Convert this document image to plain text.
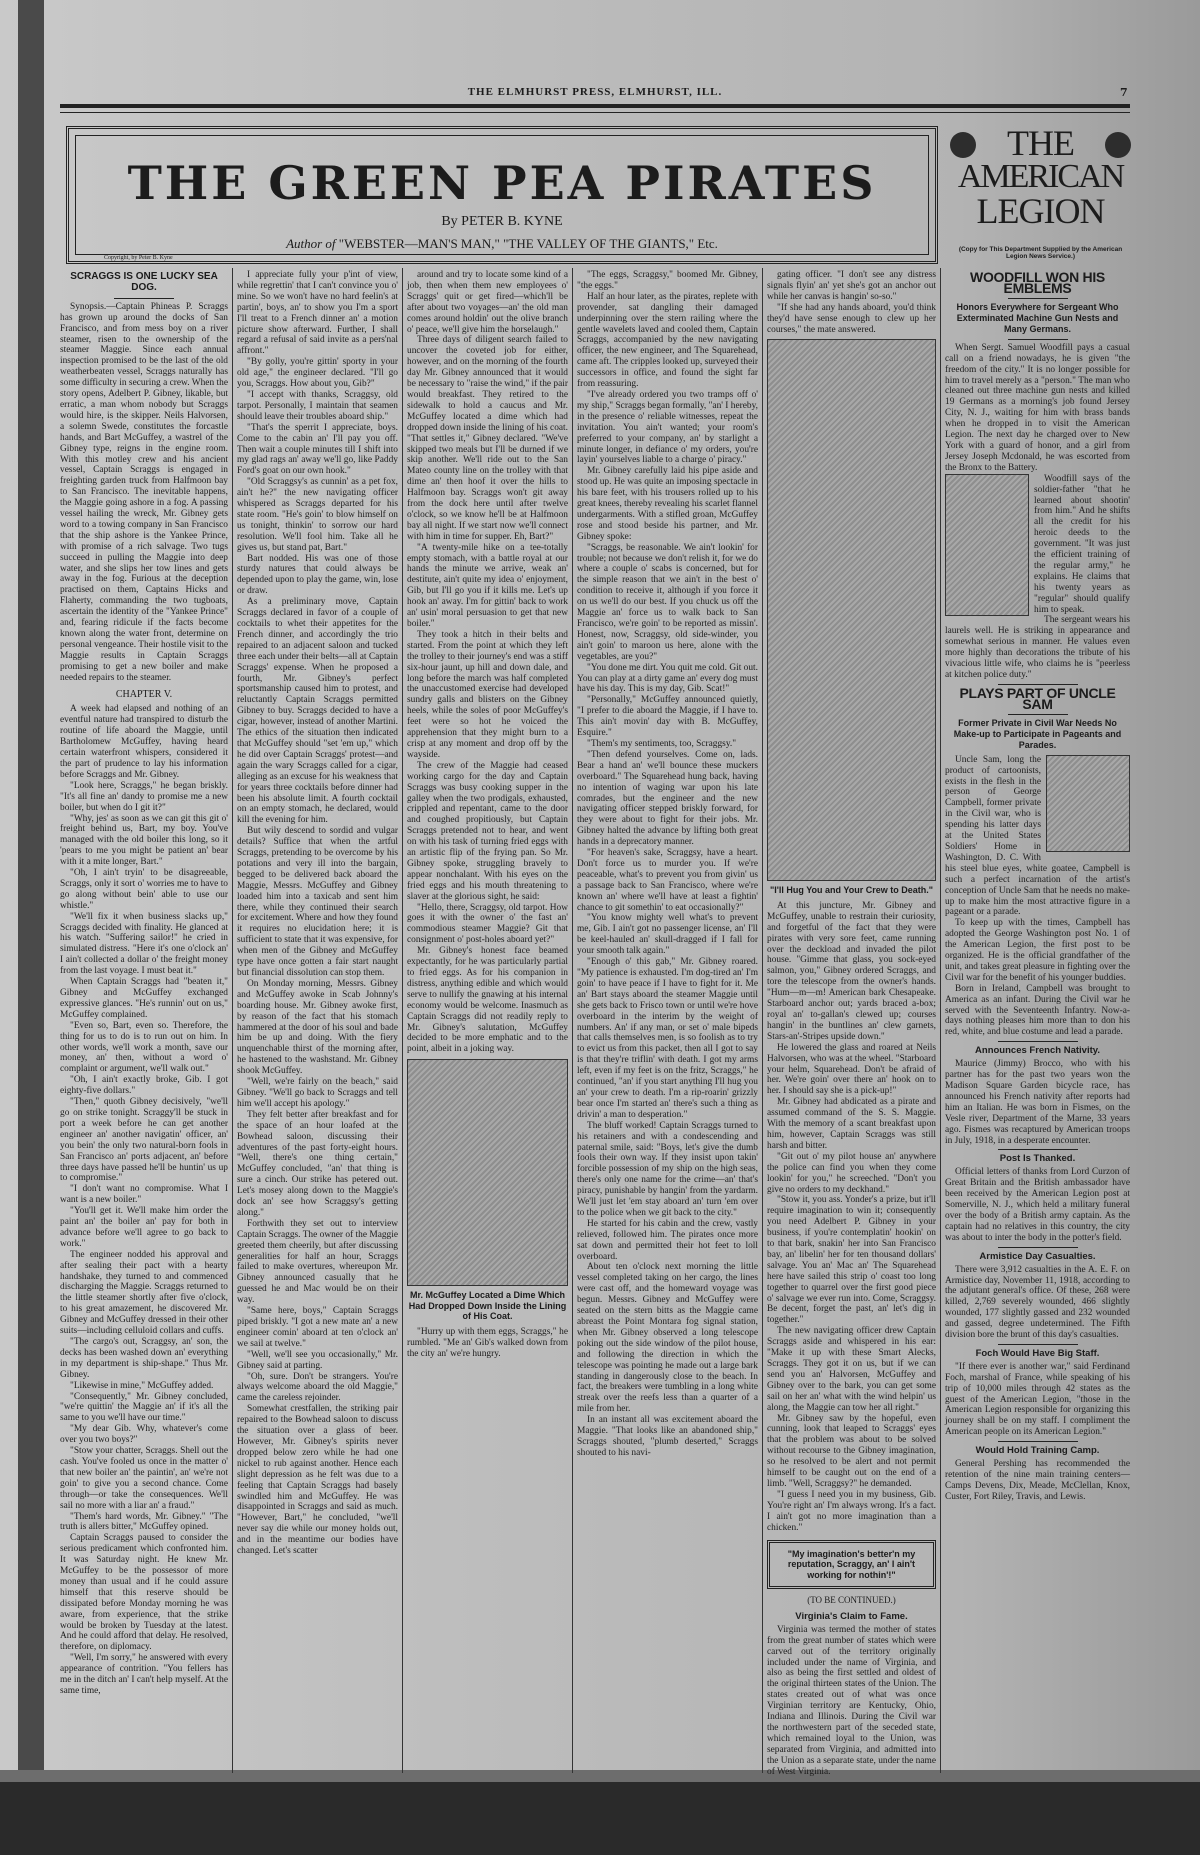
THE ELMHURST PRESS, ELMHURST, ILL.	7
THE GREEN PEA PIRATES
By PETER B. KYNE
Author of "WEBSTER—MAN'S MAN," "THE VALLEY OF THE GIANTS," Etc.
Copyright, by Peter B. Kyne
THE
AMERICAN
LEGION
(Copy for This Department Supplied by the American Legion News Service.)
SCRAGGS IS ONE LUCKY SEA DOG.

Synopsis.—Captain Phineas P. Scraggs has grown up around the docks of San Francisco, and from mess boy on a river steamer, risen to the ownership of the steamer Maggie. Since each annual inspection promised to be the last of the old weatherbeaten vessel, Scraggs naturally has some difficulty in securing a crew. When the story opens, Adelbert P. Gibney, likable, but erratic, a man whom nobody but Scraggs would hire, is the skipper. Neils Halvorsen, a solemn Swede, constitutes the forcastle hands, and Bart McGuffey, a wastrel of the Gibney type, reigns in the engine room. With this motley crew and his ancient vessel, Captain Scraggs is engaged in freighting garden truck from Halfmoon bay to San Francisco. The inevitable happens, the Maggie going ashore in a fog. A passing vessel hailing the wreck, Mr. Gibney gets word to a towing company in San Francisco that the ship ashore is the Yankee Prince, with promise of a rich salvage. Two tugs succeed in pulling the Maggie into deep water, and she slips her tow lines and gets away in the fog. Furious at the deception practised on them, Captains Hicks and Flaherty, commanding the two tugboats, ascertain the identity of the "Yankee Prince" and, fearing ridicule if the facts become known along the water front, determine on personal vengeance. Their hostile visit to the Maggie results in Captain Scraggs promising to get a new boiler and make needed repairs to the steamer.

CHAPTER V.

A week had elapsed and nothing of an eventful nature had transpired to disturb the routine of life aboard the Maggie, until Bartholomew McGuffey, having heard certain waterfront whispers, considered it the part of prudence to lay his information before Scraggs and Mr. Gibney.

"Look here, Scraggs," he began briskly. "It's all fine an' dandy to promise me a new boiler, but when do I git it?"

"Why, jes' as soon as we can git this git o' freight behind us, Bart, my boy. You've managed with the old boiler this long, so it 'pears to me you might be patient an' bear with it a mite longer, Bart."

"Oh, I ain't tryin' to be disagreeable, Scraggs, only it sort o' worries me to have to go along without bein' able to use our whistle."

"We'll fix it when business slacks up," Scraggs decided with finality. He glanced at his watch. "Suffering sailor!" he cried in simulated distress. "Here it's one o'clock an' I ain't collected a dollar o' the freight money from the last voyage. I must beat it."

When Captain Scraggs had "beaten it," Gibney and McGuffey exchanged expressive glances. "He's runnin' out on us," McGuffey complained.

"Even so, Bart, even so. Therefore, the thing for us to do is to run out on him. In other words, we'll work a month, save our money, an' then, without a word o' complaint or argument, we'll walk out."

"Oh, I ain't exactly broke, Gib. I got eighty-five dollars."

"Then," quoth Gibney decisively, "we'll go on strike tonight. Scraggy'll be stuck in port a week before he can get another engineer an' another navigatin' officer, an' you bein' the only two natural-born fools in San Francisco an' ports adjacent, an' before three days have passed he'll be huntin' us up to compromise."

"I don't want no compromise. What I want is a new boiler."

"You'll get it. We'll make him order the paint an' the boiler an' pay for both in advance before we'll agree to go back to work."

The engineer nodded his approval and after sealing their pact with a hearty handshake, they turned to and commenced discharging the Maggie. Scraggs returned to the little steamer shortly after five o'clock, to his great amazement, he discovered Mr. Gibney and McGuffey dressed in their other suits—including celluloid collars and cuffs.

"The cargo's out, Scraggsy, an' son, the decks has been washed down an' everything in my department is ship-shape." Thus Mr. Gibney.

"Likewise in mine," McGuffey added.

"Consequently," Mr. Gibney concluded, "we're quittin' the Maggie an' if it's all the same to you we'll have our time."

"My dear Gib. Why, whatever's come over you two boys?"

"Stow your chatter, Scraggs. Shell out the cash. You've fooled us once in the matter o' that new boiler an' the paintin', an' we're not goin' to give you a second chance. Come through—or take the consequences. We'll sail no more with a liar an' a fraud."

"Them's hard words, Mr. Gibney." "The truth is allers bitter," McGuffey opined.

Captain Scraggs paused to consider the serious predicament which confronted him. It was Saturday night. He knew Mr. McGuffey to be the possessor of more money than usual and if he could assure himself that this reserve should be dissipated before Monday morning he was aware, from experience, that the strike would be broken by Tuesday at the latest. And he could afford that delay. He resolved, therefore, on diplomacy.

"Well, I'm sorry," he answered with every appearance of contrition. "You fellers has me in the ditch an' I can't help myself. At the same time,

I appreciate fully your p'int of view, while regrettin' that I can't convince you o' mine. So we won't have no hard feelin's at partin', boys, an' to show you I'm a sport I'll treat to a French dinner an' a motion picture show afterward. Further, I shall regard a refusal of said invite as a pers'nal affront."

"By golly, you're gittin' sporty in your old age," the engineer declared. "I'll go you, Scraggs. How about you, Gib?"

"I accept with thanks, Scraggsy, old tarpot. Personally, I maintain that seamen should leave their troubles aboard ship."

"That's the sperrit I appreciate, boys. Come to the cabin an' I'll pay you off. Then wait a couple minutes till I shift into my glad rags an' away we'll go, like Paddy Ford's goat on our own hook."

"Old Scraggsy's as cunnin' as a pet fox, ain't he?" the new navigating officer whispered as Scraggs departed for his state room. "He's goin' to blow himself on us tonight, thinkin' to sorrow our hard resolution. We'll fool him. Take all he gives us, but stand pat, Bart."

Bart nodded. His was one of those sturdy natures that could always be depended upon to play the game, win, lose or draw.

As a preliminary move, Captain Scraggs declared in favor of a couple of cocktails to whet their appetites for the French dinner, and accordingly the trio repaired to an adjacent saloon and tucked three each under their belts—all at Captain Scraggs' expense. When he proposed a fourth, Mr. Gibney's perfect sportsmanship caused him to protest, and reluctantly Captain Scraggs permitted Gibney to buy. Scraggs decided to have a cigar, however, instead of another Martini. The ethics of the situation then indicated that McGuffey should "set 'em up," which he did over Captain Scraggs' protest—and again the wary Scraggs called for a cigar, alleging as an excuse for his weakness that for years three cocktails before dinner had been his absolute limit. A fourth cocktail on an empty stomach, he declared, would kill the evening for him.

But wily descend to sordid and vulgar details? Suffice that when the artful Scraggs, pretending to be overcome by his potations and very ill into the bargain, begged to be delivered back aboard the Maggie, Messrs. McGuffey and Gibney loaded him into a taxicab and sent him there, while they continued their search for excitement. Where and how they found it requires no elucidation here; it is sufficient to state that it was expensive, for when men of the Gibney and McGuffey type have once gotten a fair start naught but financial dissolution can stop them.

On Monday morning, Messrs. Gibney and McGuffey awoke in Scab Johnny's boarding house. Mr. Gibney awoke first, by reason of the fact that his stomach hammered at the door of his soul and bade him be up and doing. With the fiery unquenchable thirst of the morning after, he hastened to the washstand. Mr. Gibney shook McGuffey.

"Well, we're fairly on the beach," said Gibney. "We'll go back to Scraggs and tell him we'll accept his apology."

They felt better after breakfast and for the space of an hour loafed at the Bowhead saloon, discussing their adventures of the past forty-eight hours. "Well, there's one thing certain," McGuffey concluded, "an' that thing is sure a cinch. Our strike has petered out. Let's mosey along down to the Maggie's dock an' see how Scraggsy's getting along."

Forthwith they set out to interview Captain Scraggs. The owner of the Maggie greeted them cheerily, but after discussing generalities for half an hour, Scraggs failed to make overtures, whereupon Mr. Gibney announced casually that he guessed he and Mac would be on their way.

"Same here, boys," Captain Scraggs piped briskly. "I got a new mate an' a new engineer comin' aboard at ten o'clock an' we sail at twelve."

"Well, we'll see you occasionally," Mr. Gibney said at parting.

"Oh, sure. Don't be strangers. You're always welcome aboard the old Maggie," came the careless rejoinder.

Somewhat crestfallen, the striking pair repaired to the Bowhead saloon to discuss the situation over a glass of beer. However, Mr. Gibney's spirits never dropped below zero while he had one nickel to rub against another. Hence each slight depression as he felt was due to a feeling that Captain Scraggs had basely swindled him and McGuffey. He was disappointed in Scraggs and said as much. "However, Bart," he concluded, "we'll never say die while our money holds out, and in the meantime our bodies have changed. Let's scatter

around and try to locate some kind of a job, then when them new employees o' Scraggs' quit or get fired—which'll be after about two voyages—an' the old man comes around holdin' out the olive branch o' peace, we'll give him the horselaugh."

Three days of diligent search failed to uncover the coveted job for either, however, and on the morning of the fourth day Mr. Gibney announced that it would be necessary to "raise the wind," if the pair would breakfast. They retired to the sidewalk to hold a caucus and Mr. McGuffey located a dime which had dropped down inside the lining of his coat. "That settles it," Gibney declared. "We've skipped two meals but I'll be durned if we skip another. We'll ride out to the San Mateo county line on the trolley with that dime an' then hoof it over the hills to Halfmoon bay. Scraggs won't git away from the dock here until after twelve o'clock, so we know he'll be at Halfmoon bay all night. If we start now we'll connect with him in time for supper. Eh, Bart?"

"A twenty-mile hike on a tee-totally empty stomach, with a battle royal at our hands the minute we arrive, weak an' destitute, ain't quite my idea o' enjoyment, Gib, but I'll go you if it kills me. Let's up hook an' away. I'm for gittin' back to work an' usin' moral persuasion to get that new boiler."

They took a hitch in their belts and started. From the point at which they left the trolley to their journey's end was a stiff six-hour jaunt, up hill and down dale, and long before the march was half completed the unaccustomed exercise had developed sundry galls and blisters on the Gibney heels, while the soles of poor McGuffey's feet were so hot he voiced the apprehension that they might burn to a crisp at any moment and drop off by the wayside.

The crew of the Maggie had ceased working cargo for the day and Captain Scraggs was busy cooking supper in the galley when the two prodigals, exhausted, crippled and repentant, came to the door and coughed propitiously, but Captain Scraggs pretended not to hear, and went on with his task of turning fried eggs with an artistic flip of the frying pan. So Mr. Gibney spoke, struggling bravely to appear nonchalant. With his eyes on the fried eggs and his mouth threatening to slaver at the glorious sight, he said:

"Hello, there, Scraggsy, old tarpot. How goes it with the owner o' the fast an' commodious steamer Maggie? Git that consignment o' post-holes aboard yet?"

Mr. Gibney's honest face beamed expectantly, for he was particularly partial to fried eggs. As for his companion in distress, anything edible and which would serve to nullify the gnawing at his internal economy would be welcome. Inasmuch as Captain Scraggs did not readily reply to Mr. Gibney's salutation, McGuffey decided to be more emphatic and to the point, albeit in a joking way.

Mr. McGuffey Located a Dime Which Had Dropped Down Inside the Lining of His Coat.

"Hurry up with them eggs, Scraggs," he rumbled. "Me an' Gib's walked down from the city an' we're hungry.

"The eggs, Scraggsy," boomed Mr. Gibney, "the eggs."

Half an hour later, as the pirates, replete with provender, sat dangling their damaged underpinning over the stern railing where the gentle wavelets laved and cooled them, Captain Scraggs, accompanied by the new navigating officer, the new engineer, and The Squarehead, came aft. The cripples looked up, surveyed their successors in office, and found the sight far from reassuring.

"I've already ordered you two tramps off o' my ship," Scraggs began formally, "an' I hereby, in the presence o' reliable witnesses, repeat the invitation. You ain't wanted; your room's preferred to your company, an' by starlight a minute longer, in defiance o' my orders, you're layin' yourselves liable to a charge o' piracy."

Mr. Gibney carefully laid his pipe aside and stood up. He was quite an imposing spectacle in his bare feet, with his trousers rolled up to his great knees, thereby revealing his scarlet flannel undergarments. With a stifled groan, McGuffey rose and stood beside his partner, and Mr. Gibney spoke:

"Scraggs, be reasonable. We ain't lookin' for trouble; not because we don't relish it, for we do where a couple o' scabs is concerned, but for the simple reason that we ain't in the best o' condition to receive it, although if you force it on us we'll do our best. If you chuck us off the Maggie an' force us to walk back to San Francisco, we're goin' to be reported as missin'. Honest, now, Scraggsy, old side-winder, you ain't goin' to maroon us here, alone with the vegetables, are you?"

"You done me dirt. You quit me cold. Git out. You can play at a dirty game an' every dog must have his day. This is my day, Gib. Scat!"

"Personally," McGuffey announced quietly, "I prefer to die aboard the Maggie, if I have to. This ain't movin' day with B. McGuffey, Esquire."

"Them's my sentiments, too, Scraggsy."

"Then defend yourselves. Come on, lads. Bear a hand an' we'll bounce these muckers overboard." The Squarehead hung back, having no intention of waging war upon his late comrades, but the engineer and the new navigating officer stepped briskly forward, for they were about to fight for their jobs. Mr. Gibney halted the advance by lifting both great hands in a deprecatory manner.

"For heaven's sake, Scraggsy, have a heart. Don't force us to murder you. If we're peaceable, what's to prevent you from givin' us a passage back to San Francisco, where we're known an' where we'll have at least a fightin' chance to git somethin' to eat occasionally?"

"You know mighty well what's to prevent me, Gib. I ain't got no passenger license, an' I'll be keel-hauled an' skull-dragged if I fall for your smooth talk again."

"Enough o' this gab," Mr. Gibney roared. "My patience is exhausted. I'm dog-tired an' I'm goin' to have peace if I have to fight for it. Me an' Bart stays aboard the steamer Maggie until she gets back to Frisco town or until we're hove overboard in the interim by the weight of numbers. An' if any man, or set o' male bipeds that calls themselves men, is so foolish as to try to evict us from this packet, then all I got to say is that they're triflin' with death. I got my arms left, even if my feet is on the fritz, Scraggs," he continued, "an' if you start anything I'll hug you an' your crew to death. I'm a rip-roarin' grizzly bear once I'm started an' there's such a thing as drivin' a man to desperation."

The bluff worked! Captain Scraggs turned to his retainers and with a condescending and paternal smile, said: "Boys, let's give the dumb fools their own way. If they insist upon takin' forcible possession of my ship on the high seas, there's only one name for the crime—an' that's piracy, punishable by hangin' from the yardarm. We'll just let 'em stay aboard an' turn 'em over to the police when we git back to the city."

He started for his cabin and the crew, vastly relieved, followed him. The pirates once more sat down and permitted their hot feet to loll overboard.

About ten o'clock next morning the little vessel completed taking on her cargo, the lines were cast off, and the homeward voyage was begun. Messrs. Gibney and McGuffey were seated on the stern bitts as the Maggie came abreast the Point Montara fog signal station, when Mr. Gibney observed a long telescope poking out the side window of the pilot house, and following the direction in which the telescope was pointing he made out a large bark standing in dangerously close to the beach. In fact, the breakers were tumbling in a long white streak over the reefs less than a quarter of a mile from her.

In an instant all was excitement aboard the Maggie. "That looks like an abandoned ship," Scraggs shouted, "plumb deserted," Scraggs shouted to his navi-

gating officer. "I don't see any distress signals flyin' an' yet she's got an anchor out while her canvas is hangin' so-so."

"If she had any hands aboard, you'd think they'd have sense enough to clew up her courses," the mate answered.

"I'll Hug You and Your Crew to Death."

At this juncture, Mr. Gibney and McGuffey, unable to restrain their curiosity, and forgetful of the fact that they were pirates with very sore feet, came running over the deckload and invaded the pilot house. "Gimme that glass, you sock-eyed salmon, you," Gibney ordered Scraggs, and tore the telescope from the owner's hands. "Hum—m—m! American bark Chesapeake. Starboard anchor out; yards braced a-box; royal an' to-gallan's clewed up; courses hangin' in the buntlines an' clew garnets, Stars-an'-Stripes upside down."

He lowered the glass and roared at Neils Halvorsen, who was at the wheel. "Starboard your helm, Squarehead. Don't be afraid of her. We're goin' over there an' hook on to her. I should say she is a pick-up!"

Mr. Gibney had abdicated as a pirate and assumed command of the S. S. Maggie. With the memory of a scant breakfast upon him, however, Captain Scraggs was still harsh and bitter.

"Git out o' my pilot house an' anywhere the police can find you when they come lookin' for you," he screeched. "Don't you give no orders to my deckhand."

"Stow it, you ass. Yonder's a prize, but it'll require imagination to win it; consequently you need Adelbert P. Gibney in your business, if you're contemplatin' hookin' on to that bark, snakin' her into San Francisco bay, an' libelin' her for ten thousand dollars' salvage. You an' Mac an' The Squarehead here have sailed this strip o' coast too long together to quarrel over the first good piece o' salvage we ever run into. Come, Scraggsy. Be decent, forget the past, an' let's dig in together."

The new navigating officer drew Captain Scraggs aside and whispered in his ear: "Make it up with these Smart Alecks, Scraggs. They got it on us, but if we can send you an' Halvorsen, McGuffey and Gibney over to the bark, you can get some sail on her an' what with the wind helpin' us along, the Maggie can tow her all right."

Mr. Gibney saw by the hopeful, even cunning, look that leaped to Scraggs' eyes that the problem was about to be solved without recourse to the Gibney imagination, so he resolved to be alert and not permit himself to be caught out on the end of a limb. "Well, Scraggsy?" he demanded.

"I guess I need you in my business, Gib. You're right an' I'm always wrong. It's a fact. I ain't got no more imagination than a chicken."

"My imagination's better'n my reputation, Scraggy, an' I ain't working for nothin'!"
(TO BE CONTINUED.)
Virginia's Claim to Fame.

Virginia was termed the mother of states from the great number of states which were carved out of the territory originally included under the name of Virginia, and also as being the first settled and oldest of the original thirteen states of the Union. The states created out of what was once Virginian territory are Kentucky, Ohio, Indiana and Illinois. During the Civil war the northwestern part of the seceded state, which remained loyal to the Union, was separated from Virginia, and admitted into the Union as a separate state, under the name of West Virginia.

WOODFILL WON HIS EMBLEMS
Honors Everywhere for Sergeant Who Exterminated Machine Gun Nests and Many Germans.

When Sergt. Samuel Woodfill pays a casual call on a friend nowadays, he is given "the freedom of the city." It is no longer possible for him to travel merely as a "person." The man who cleaned out three machine gun nests and killed 19 Germans as a morning's job found Jersey City, N. J., waiting for him with brass bands when he dropped in to visit the American Legion. The next day he charged over to New York with a guard of honor, and a girl from Jersey Joseph Mcdonald, he was escorted from the Bronx to the Battery.

Woodfill says of the soldier-father "that he learned about shootin' from him." And he shifts all the credit for his heroic deeds to the government. "It was just the efficient training of the regular army," he explains. He claims that his twenty years as "regular" should qualify him to speak.

The sergeant wears his laurels well. He is striking in appearance and somewhat serious in manner. He values even more highly than decorations the tribute of his vivacious little wife, who claims he is "peerless at kitchen police duty."

PLAYS PART OF UNCLE SAM
Former Private in Civil War Needs No Make-up to Participate in Pageants and Parades.

Uncle Sam, long the product of cartoonists, exists in the flesh in the person of George Campbell, former private in the Civil war, who is spending his latter days at the United States Soldiers' Home in Washington, D. C. With his steel blue eyes, white goatee, Campbell is such a perfect incarnation of the artist's conception of Uncle Sam that he needs no make-up to make him the most attractive figure in a pageant or a parade.

To keep up with the times, Campbell has adopted the George Washington post No. 1 of the American Legion, the first post to be organized. He is the official grandfather of the unit, and takes great pleasure in fighting over the Civil war for the benefit of his younger buddies.

Born in Ireland, Campbell was brought to America as an infant. During the Civil war he served with the Seventeenth Infantry. Now-a-days nothing pleases him more than to don his red, white, and blue costume and lead a parade.

Announces French Nativity.

Maurice (Jimmy) Brocco, who with his partner has for the past two years won the Madison Square Garden bicycle race, has announced his French nativity after reports had him an Italian. He was born in Fismes, on the Vesle river, Department of the Marne, 33 years ago. Fismes was recaptured by American troops in July, 1918, in a desperate encounter.

Post Is Thanked.

Official letters of thanks from Lord Curzon of Great Britain and the British ambassador have been received by the American Legion post at Somerville, N. J., which held a military funeral over the body of a British army captain. As the captain had no relatives in this country, the city was about to inter the body in the potter's field.

Armistice Day Casualties.

There were 3,912 casualties in the A. E. F. on Armistice day, November 11, 1918, according to the adjutant general's office. Of these, 268 were killed, 2,769 severely wounded, 466 slightly wounded, 177 slightly gassed and 232 wounded and gassed, degree undetermined. The Fifth division bore the brunt of this day's casualties.

Foch Would Have Big Staff.

"If there ever is another war," said Ferdinand Foch, marshal of France, while speaking of his trip of 10,000 miles through 42 states as the guest of the American Legion, "those in the American Legion responsible for organizing this journey shall be on my staff. I compliment the American people on its American Legion."

Would Hold Training Camp.

General Pershing has recommended the retention of the nine main training centers—Camps Devens, Dix, Meade, McClellan, Knox, Custer, Fort Riley, Travis, and Lewis.
